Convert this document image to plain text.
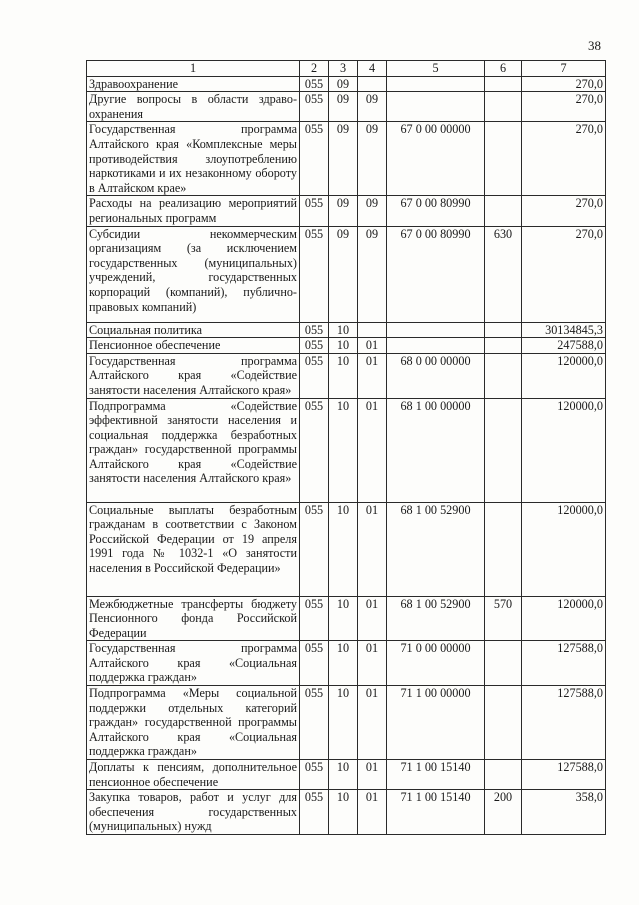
38
1	2	3	4	5	6	7
Здравоохранение	055	09				270,0
Другие вопросы в области здраво-охранения	055	09	09			270,0
Государственная программа Алтайского края «Комплексные меры противодействия злоупотреблению наркотиками и их незаконному обороту в Алтайском крае»	055	09	09	67 0 00 00000		270,0
Расходы на реализацию мероприятий региональных программ	055	09	09	67 0 00 80990		270,0
Субсидии некоммерческим организациям (за исключением государственных (муниципальных) учреждений, государственных корпораций (компаний), публично-правовых компаний)	055	09	09	67 0 00 80990	630	270,0
Социальная политика	055	10				30134845,3
Пенсионное обеспечение	055	10	01			247588,0
Государственная программа Алтайского края «Содействие занятости населения Алтайского края»	055	10	01	68 0 00 00000		120000,0
Подпрограмма «Содействие эффективной занятости населения и социальная поддержка безработных граждан» государственной программы Алтайского края «Содействие занятости населения Алтайского края»	055	10	01	68 1 00 00000		120000,0
Социальные выплаты безработным гражданам в соответствии с Законом Российской Федерации от 19 апреля 1991 года № 1032-1 «О занятости населения в Российской Федерации»	055	10	01	68 1 00 52900		120000,0
Межбюджетные трансферты бюджету Пенсионного фонда Российской Федерации	055	10	01	68 1 00 52900	570	120000,0
Государственная программа Алтайского края «Социальная поддержка граждан»	055	10	01	71 0 00 00000		127588,0
Подпрограмма «Меры социальной поддержки отдельных категорий граждан» государственной программы Алтайского края «Социальная поддержка граждан»	055	10	01	71 1 00 00000		127588,0
Доплаты к пенсиям, дополнительное пенсионное обеспечение	055	10	01	71 1 00 15140		127588,0
Закупка товаров, работ и услуг для обеспечения государственных (муниципальных) нужд	055	10	01	71 1 00 15140	200	358,0
